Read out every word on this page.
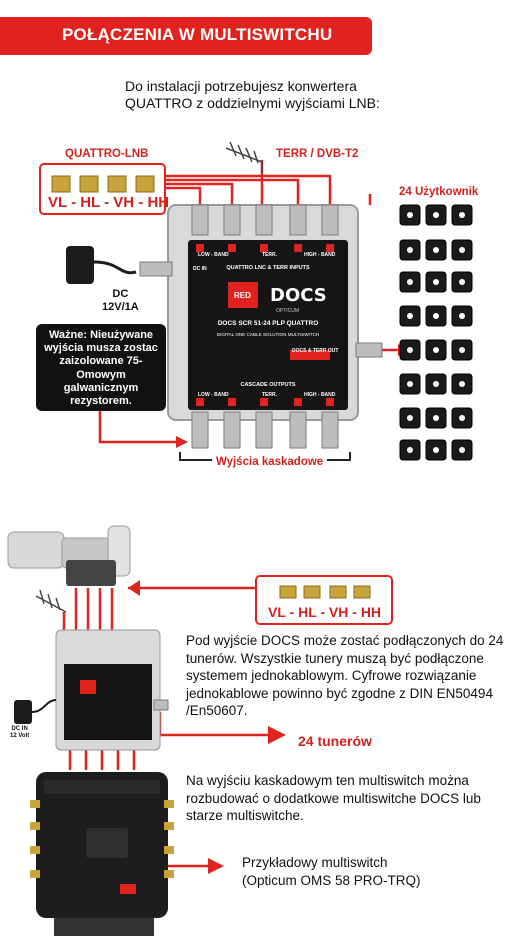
POŁĄCZENIA W MULTISWITCHU
Do instalacji potrzebujesz konwertera QUATTRO z oddzielnymi wyjściami LNB:
QUATTRO-LNB	TERR / DVB-T2
24 Użytkownik
VL - HL - VH - HH
Wyjścia kaskadowe
QUATTRO LNC & TERR INPUTS
LOW - BAND	HIGH - BAND
TERR.
DC IN
RED DOCS
OPTICUM
DOCS SCR 51-24 PLP QUATTRO
DIGITAL ONE CABLE SOLUTION MULTISWITCH
DOCS & TERR OUT
CASCADE OUTPUTS
LOW - BAND	HIGH - BAND
TERR.
DC
12V/1A
Ważne: Nieużywane wyjścia musza zostac zaizolowane 75- Omowym galwanicznym rezystorem.
VL - HL - VH - HH
Pod wyjście DOCS może zostać podłączonych do 24 tunerów. Wszystkie tunery muszą być podłączone systemem jednokablowym. Cyfrowe rozwiązanie jednokablowe powinno być zgodne z DIN EN50494 /En50607.
DC IN
12 Volt	24 tunerów
Na wyjściu kaskadowym ten multiswitch można rozbudować o dodatkowe multiswitche DOCS lub starze multiswitche.
Przykładowy multiswitch (Opticum OMS 58 PRO-TRQ)
